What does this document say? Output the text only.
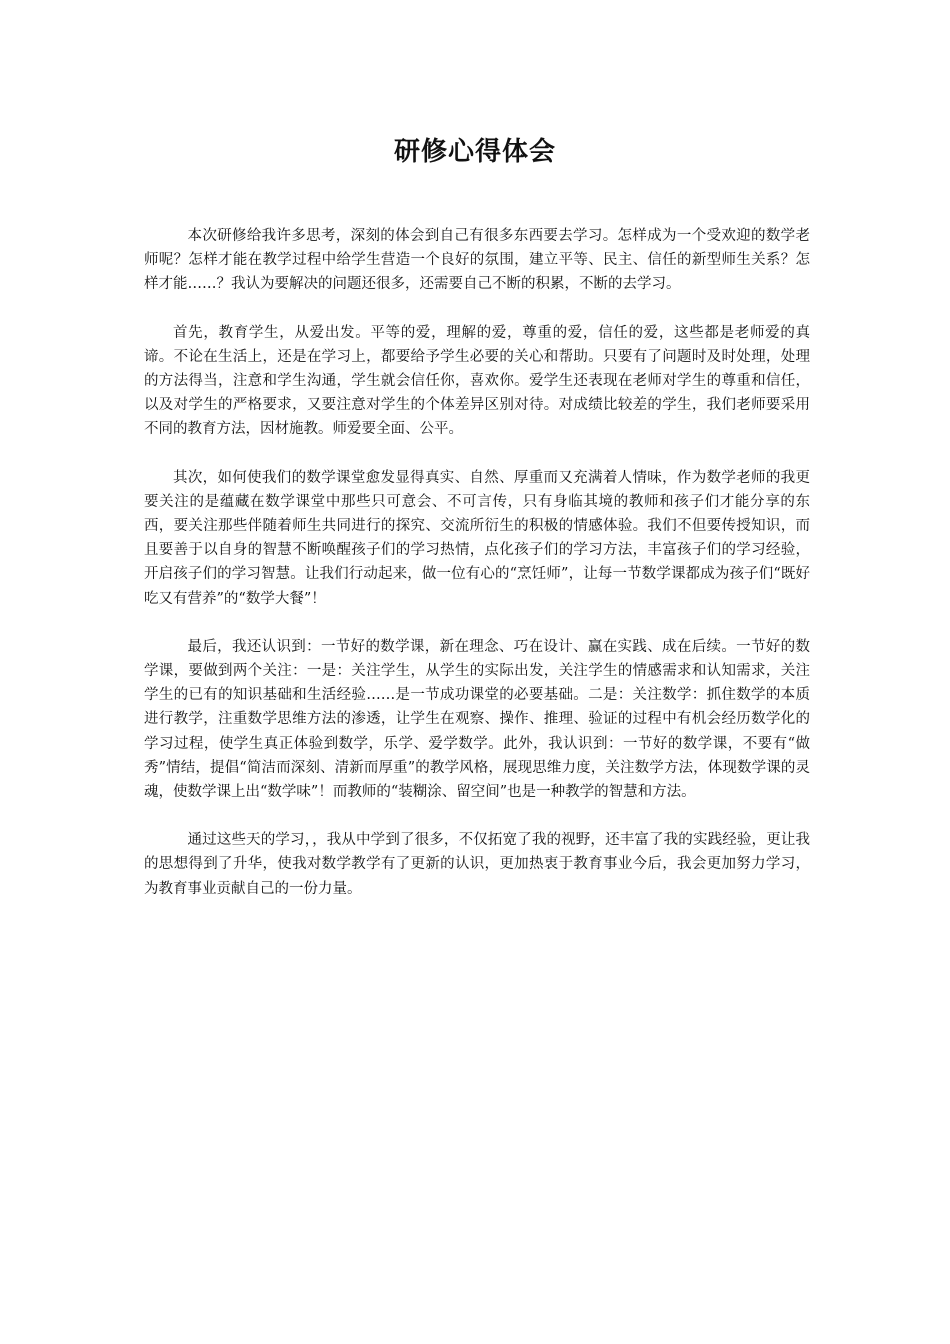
研修心得体会

本次研修给我许多思考，深刻的体会到自己有很多东西要去学习。怎样成为一个受欢迎的数学老师呢？怎样才能在教学过程中给学生营造一个良好的氛围，建立平等、民主、信任的新型师生关系？怎样才能……？我认为要解决的问题还很多，还需要自己不断的积累，不断的去学习。

首先，教育学生，从爱出发。平等的爱，理解的爱，尊重的爱，信任的爱，这些都是老师爱的真谛。不论在生活上，还是在学习上，都要给予学生必要的关心和帮助。只要有了问题时及时处理，处理的方法得当，注意和学生沟通，学生就会信任你，喜欢你。爱学生还表现在老师对学生的尊重和信任，以及对学生的严格要求，又要注意对学生的个体差异区别对待。对成绩比较差的学生，我们老师要采用不同的教育方法，因材施教。师爱要全面、公平。

其次，如何使我们的数学课堂愈发显得真实、自然、厚重而又充满着人情味，作为数学老师的我更要关注的是蕴藏在数学课堂中那些只可意会、不可言传，只有身临其境的教师和孩子们才能分享的东西，要关注那些伴随着师生共同进行的探究、交流所衍生的积极的情感体验。我们不但要传授知识，而且要善于以自身的智慧不断唤醒孩子们的学习热情，点化孩子们的学习方法，丰富孩子们的学习经验，开启孩子们的学习智慧。让我们行动起来，做一位有心的“烹饪师”，让每一节数学课都成为孩子们“既好吃又有营养”的“数学大餐”！

最后，我还认识到：一节好的数学课，新在理念、巧在设计、赢在实践、成在后续。一节好的数学课，要做到两个关注：一是：关注学生，从学生的实际出发，关注学生的情感需求和认知需求，关注学生的已有的知识基础和生活经验……是一节成功课堂的必要基础。二是：关注数学：抓住数学的本质进行教学，注重数学思维方法的渗透，让学生在观察、操作、推理、验证的过程中有机会经历数学化的学习过程，使学生真正体验到数学，乐学、爱学数学。此外，我认识到：一节好的数学课，不要有“做秀”情结，提倡“简洁而深刻、清新而厚重”的教学风格，展现思维力度，关注数学方法，体现数学课的灵魂，使数学课上出“数学味”！而教师的“装糊涂、留空间”也是一种教学的智慧和方法。

通过这些天的学习，，我从中学到了很多，不仅拓宽了我的视野，还丰富了我的实践经验，更让我的思想得到了升华，使我对数学教学有了更新的认识，更加热衷于教育事业今后，我会更加努力学习，为教育事业贡献自己的一份力量。
